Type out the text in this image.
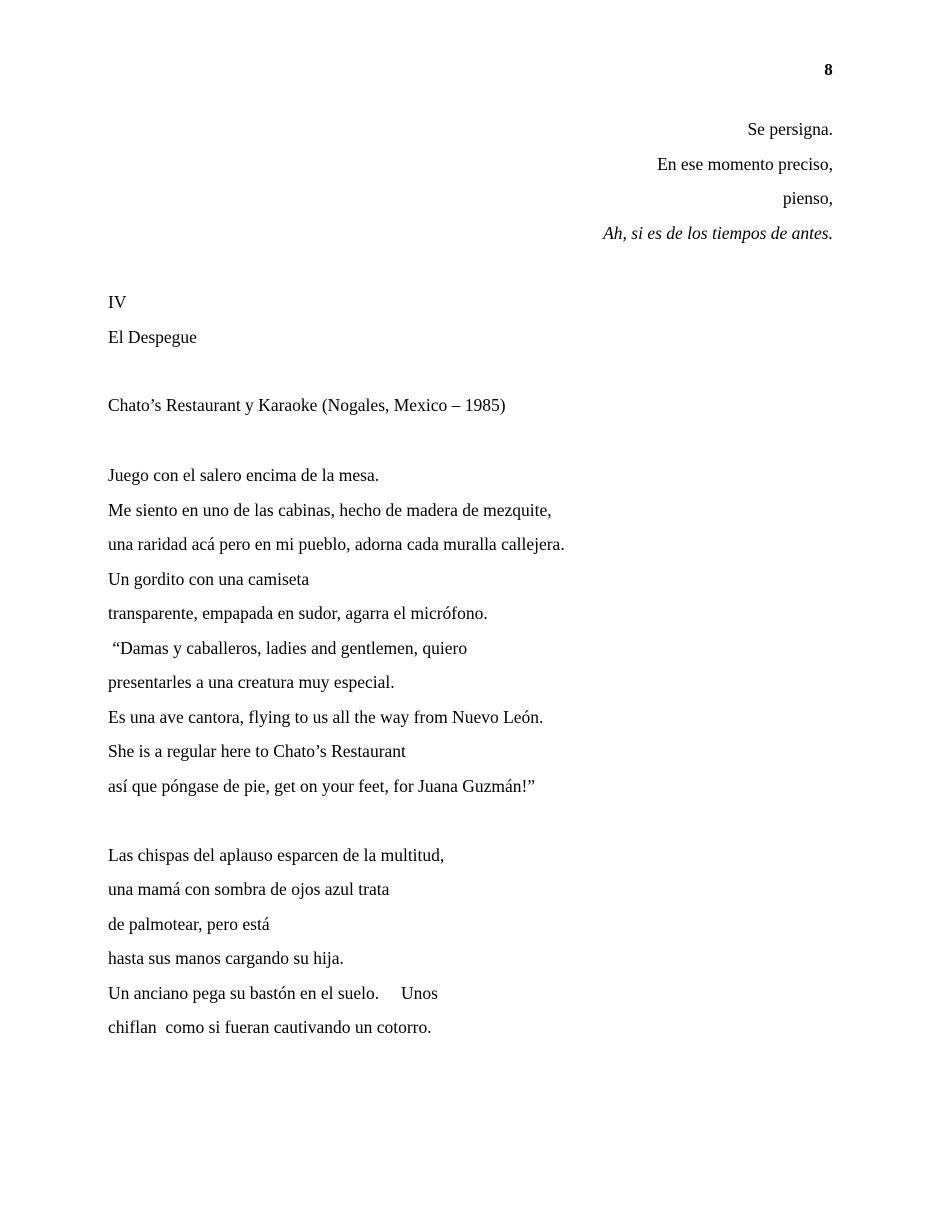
8
Se persigna.
En ese momento preciso,
pienso,
Ah, si es de los tiempos de antes.
IV
El Despegue
Chato’s Restaurant y Karaoke (Nogales, Mexico – 1985)
Juego con el salero encima de la mesa.
Me siento en uno de las cabinas, hecho de madera de mezquite,
una raridad acá pero en mi pueblo, adorna cada muralla callejera.
Un gordito con una camiseta
transparente, empapada en sudor, agarra el micrófono.
“Damas y caballeros, ladies and gentlemen, quiero
presentarles a una creatura muy especial.
Es una ave cantora, flying to us all the way from Nuevo León.
She is a regular here to Chato’s Restaurant
así que póngase de pie, get on your feet, for Juana Guzmán!”
Las chispas del aplauso esparcen de la multitud,
una mamá con sombra de ojos azul trata
de palmotear, pero está
hasta sus manos cargando su hija.
Un anciano pega su bastón en el suelo.  Unos
chiflan  como si fueran cautivando un cotorro.
